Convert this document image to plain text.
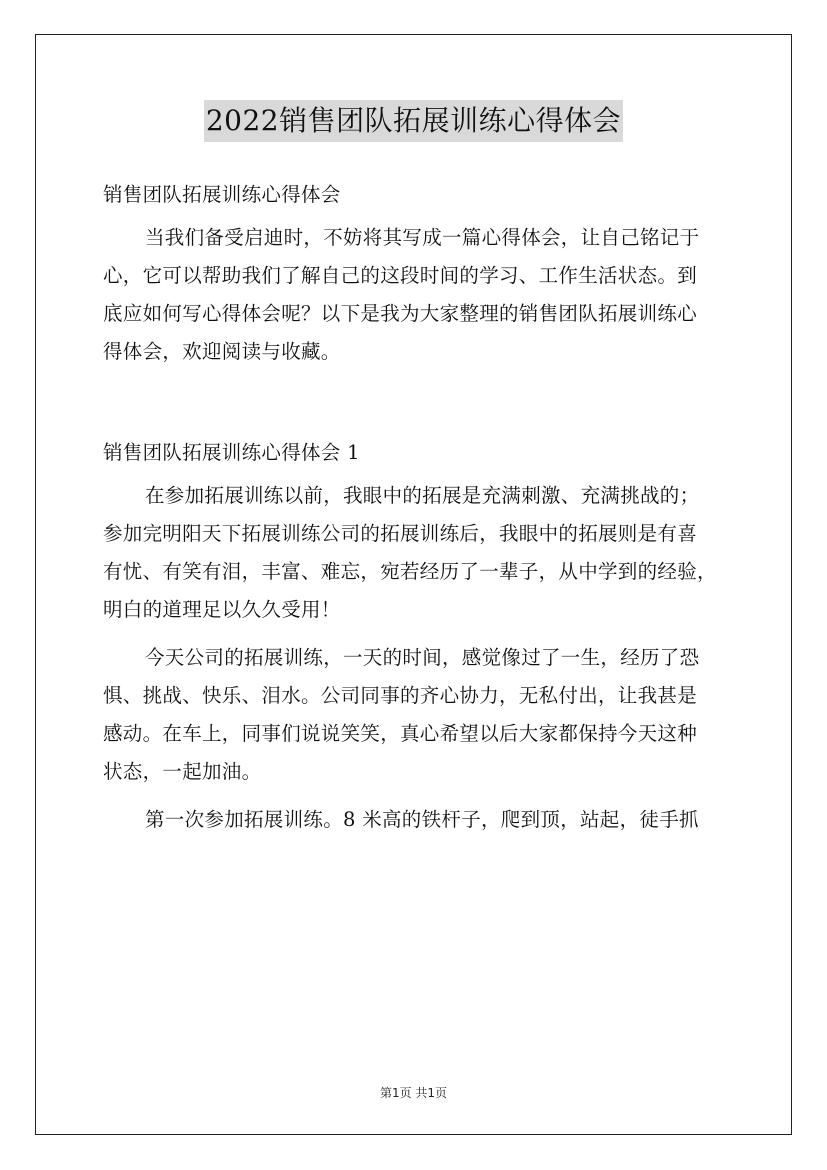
2022销售团队拓展训练心得体会
销售团队拓展训练心得体会
当我们备受启迪时，不妨将其写成一篇心得体会，让自己铭记于
心，它可以帮助我们了解自己的这段时间的学习、工作生活状态。到
底应如何写心得体会呢？以下是我为大家整理的销售团队拓展训练心
得体会，欢迎阅读与收藏。
销售团队拓展训练心得体会 1
在参加拓展训练以前，我眼中的拓展是充满刺激、充满挑战的；
参加完明阳天下拓展训练公司的拓展训练后，我眼中的拓展则是有喜
有忧、有笑有泪，丰富、难忘，宛若经历了一辈子，从中学到的经验，
明白的道理足以久久受用！
今天公司的拓展训练，一天的时间，感觉像过了一生，经历了恐
惧、挑战、快乐、泪水。公司同事的齐心协力，无私付出，让我甚是
感动。在车上，同事们说说笑笑，真心希望以后大家都保持今天这种
状态，一起加油。
第一次参加拓展训练。8 米高的铁杆子，爬到顶，站起，徒手抓
第1页 共1页
